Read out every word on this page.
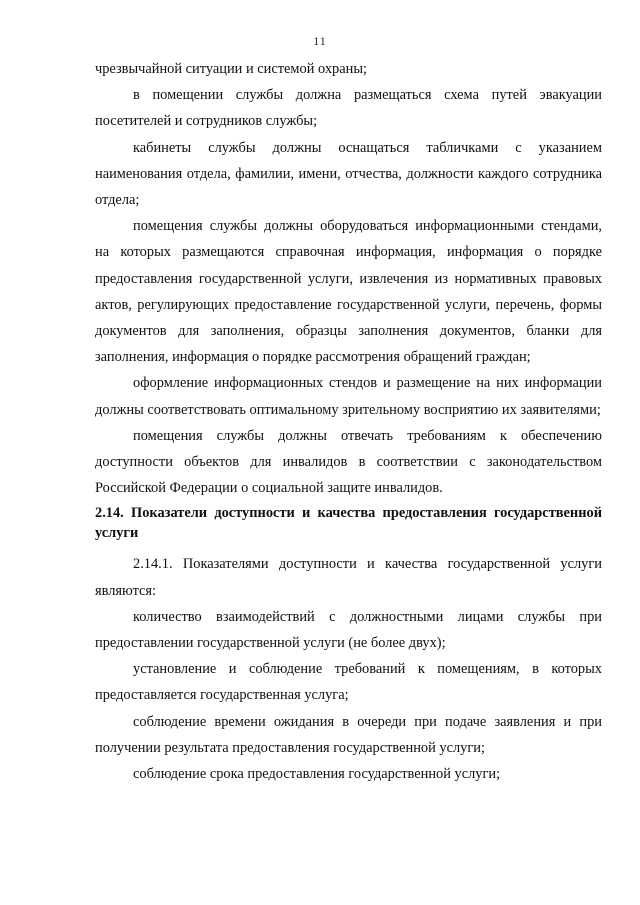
11

чрезвычайной ситуации и системой охраны;

в помещении службы должна размещаться схема путей эвакуации посетителей и сотрудников службы;

кабинеты службы должны оснащаться табличками с указанием наименования отдела, фамилии, имени, отчества, должности каждого сотрудника отдела;

помещения службы должны оборудоваться информационными стендами, на которых размещаются справочная информация, информация о порядке предоставления государственной услуги, извлечения из нормативных правовых актов, регулирующих предоставление государственной услуги, перечень, формы документов для заполнения, образцы заполнения документов, бланки для заполнения, информация о порядке рассмотрения обращений граждан;

оформление информационных стендов и размещение на них информации должны соответствовать оптимальному зрительному восприятию их заявителями;

помещения службы должны отвечать требованиям к обеспечению доступности объектов для инвалидов в соответствии с законодательством Российской Федерации о социальной защите инвалидов.

2.14. Показатели доступности и качества предоставления государственной услуги

2.14.1. Показателями доступности и качества государственной услуги являются:

количество взаимодействий с должностными лицами службы при предоставлении государственной услуги (не более двух);

установление и соблюдение требований к помещениям, в которых предоставляется государственная услуга;

соблюдение времени ожидания в очереди при подаче заявления и при получении результата предоставления государственной услуги;

соблюдение срока предоставления государственной услуги;
